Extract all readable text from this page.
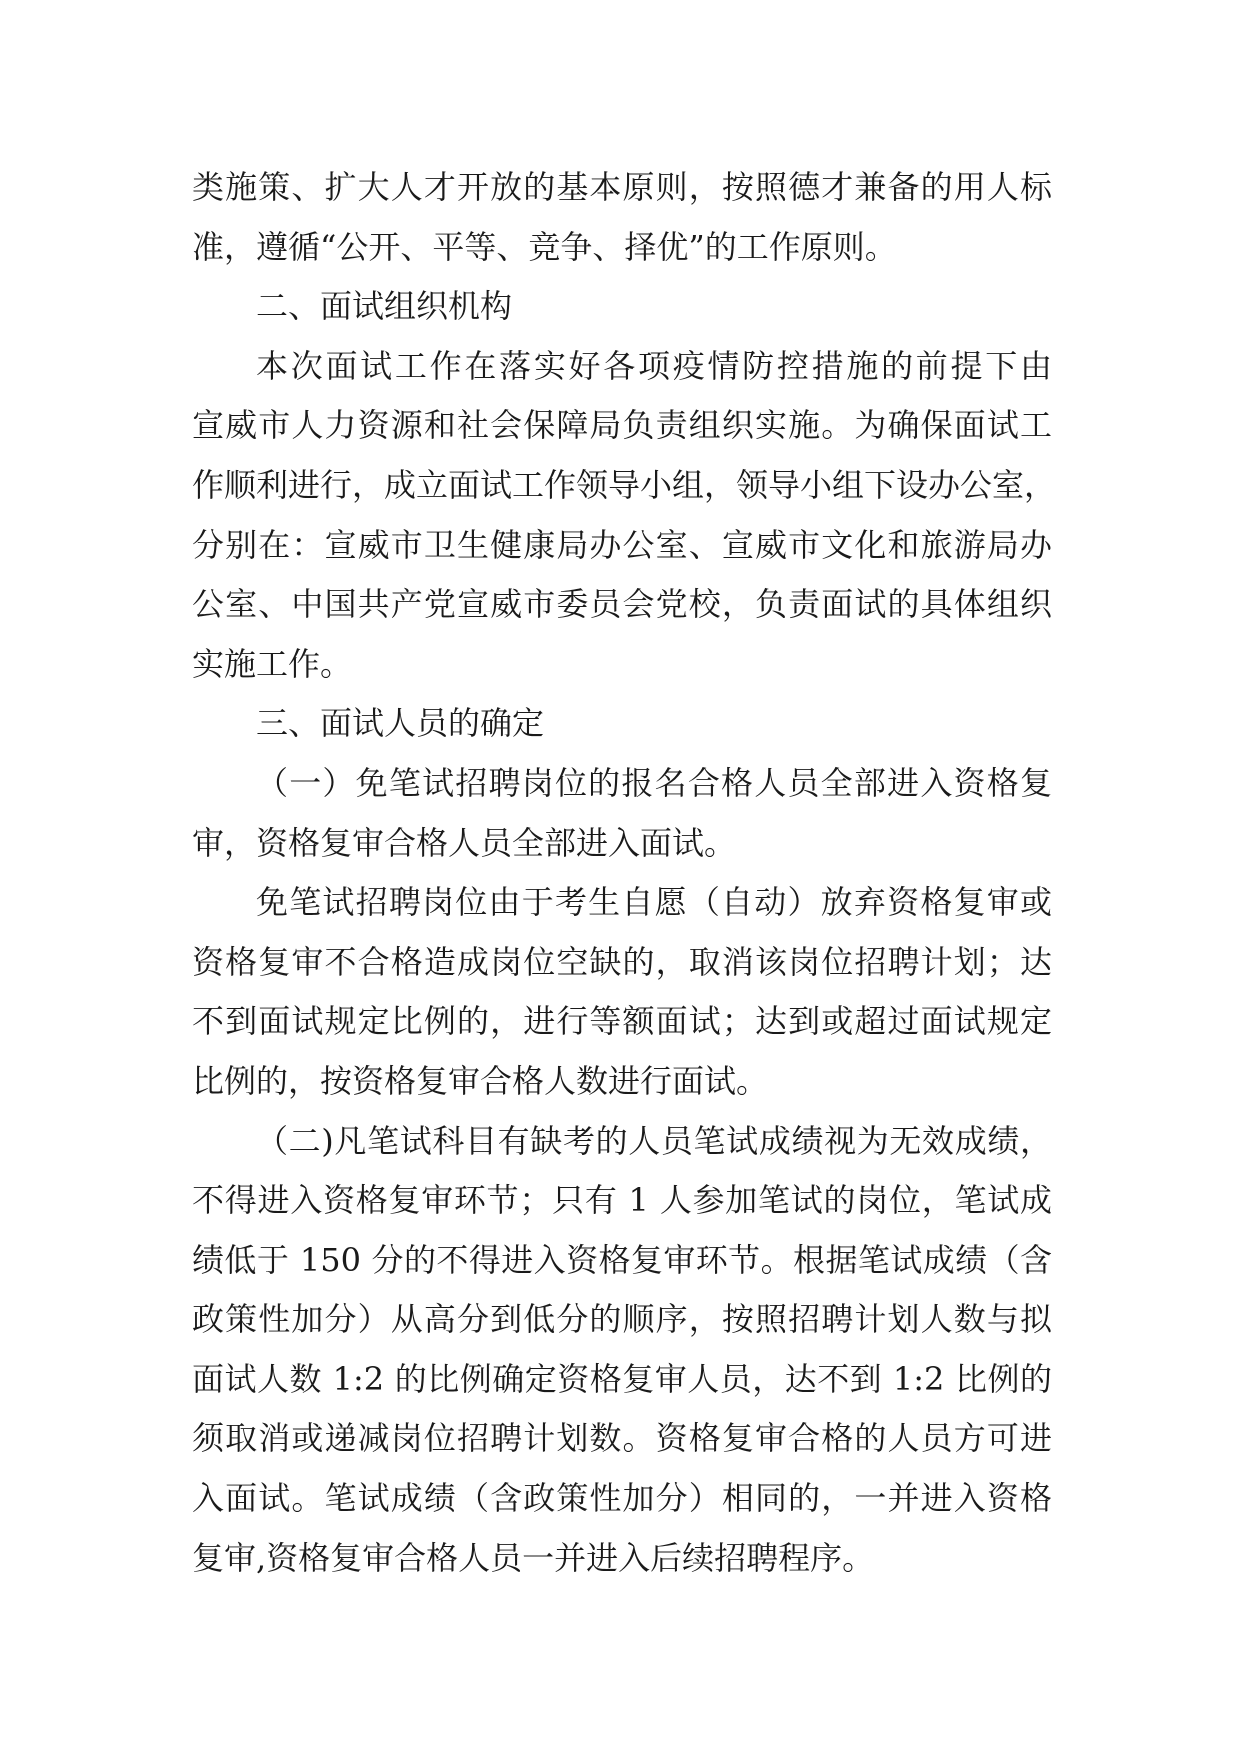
类施策、扩大人才开放的基本原则，按照德才兼备的用人标
准，遵循“公开、平等、竞争、择优”的工作原则。
二、面试组织机构
本次面试工作在落实好各项疫情防控措施的前提下由
宣威市人力资源和社会保障局负责组织实施。为确保面试工
作顺利进行，成立面试工作领导小组，领导小组下设办公室，
分别在：宣威市卫生健康局办公室、宣威市文化和旅游局办
公室、中国共产党宣威市委员会党校，负责面试的具体组织
实施工作。
三、面试人员的确定
（一）免笔试招聘岗位的报名合格人员全部进入资格复
审，资格复审合格人员全部进入面试。
免笔试招聘岗位由于考生自愿（自动）放弃资格复审或
资格复审不合格造成岗位空缺的，取消该岗位招聘计划；达
不到面试规定比例的，进行等额面试；达到或超过面试规定
比例的，按资格复审合格人数进行面试。
（二)凡笔试科目有缺考的人员笔试成绩视为无效成绩，
不得进入资格复审环节；只有 1 人参加笔试的岗位，笔试成
绩低于 150 分的不得进入资格复审环节。根据笔试成绩（含
政策性加分）从高分到低分的顺序，按照招聘计划人数与拟
面试人数 1:2 的比例确定资格复审人员，达不到 1:2 比例的
须取消或递减岗位招聘计划数。资格复审合格的人员方可进
入面试。笔试成绩（含政策性加分）相同的，一并进入资格
复审,资格复审合格人员一并进入后续招聘程序。
